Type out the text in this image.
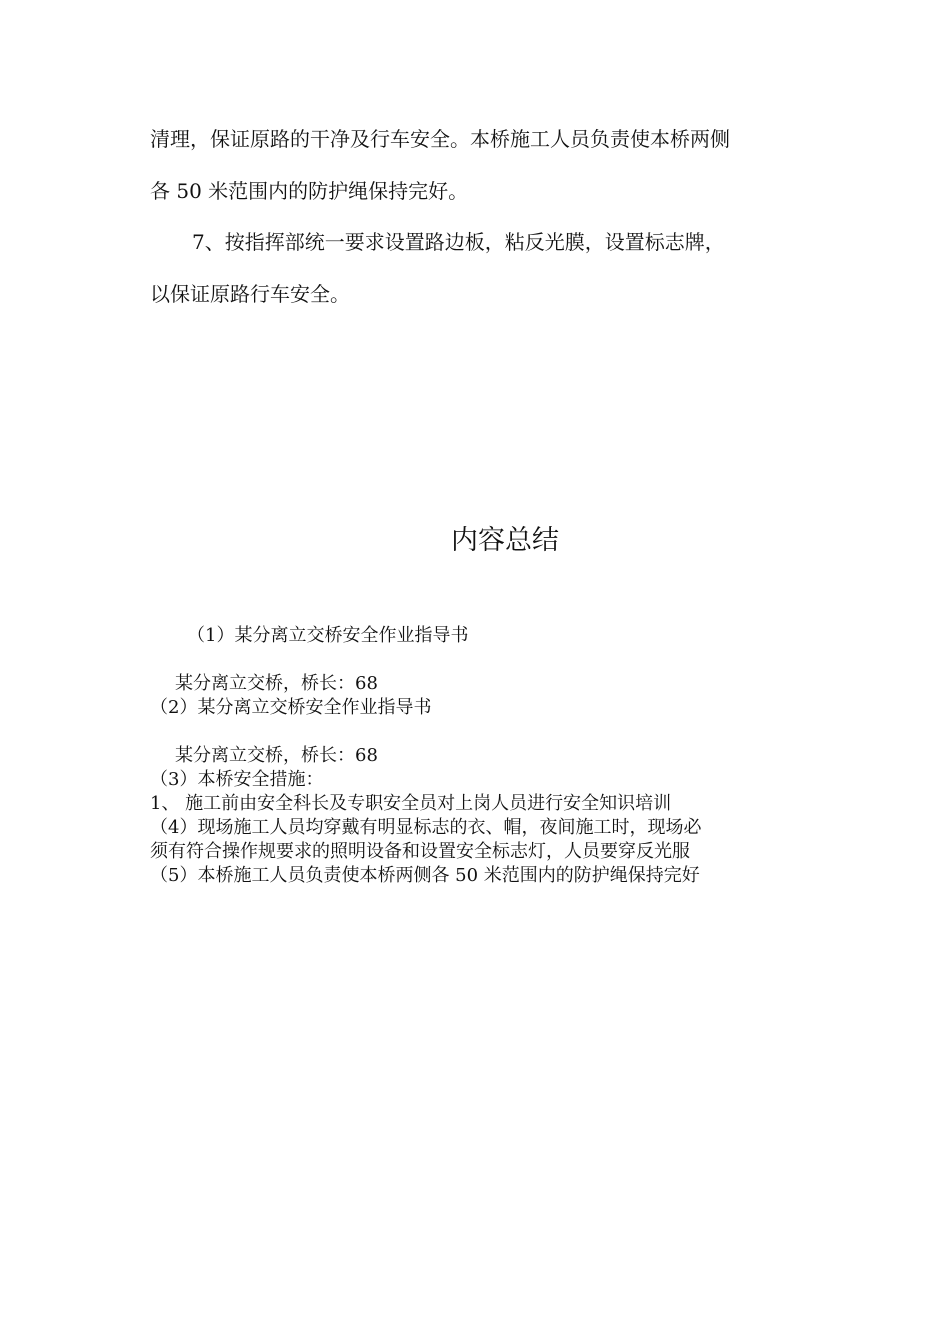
清理，保证原路的干净及行车安全。本桥施工人员负责使本桥两侧
各 50 米范围内的防护绳保持完好。
7、按指挥部统一要求设置路边板，粘反光膜，设置标志牌，
以保证原路行车安全。
内容总结
（1）某分离立交桥安全作业指导书
某分离立交桥，桥长：68
（2）某分离立交桥安全作业指导书
某分离立交桥，桥长：68
（3）本桥安全措施：
1、 施工前由安全科长及专职安全员对上岗人员进行安全知识培训
（4）现场施工人员均穿戴有明显标志的衣、帽，夜间施工时，现场必
须有符合操作规要求的照明设备和设置安全标志灯，人员要穿反光服
（5）本桥施工人员负责使本桥两侧各 50 米范围内的防护绳保持完好
